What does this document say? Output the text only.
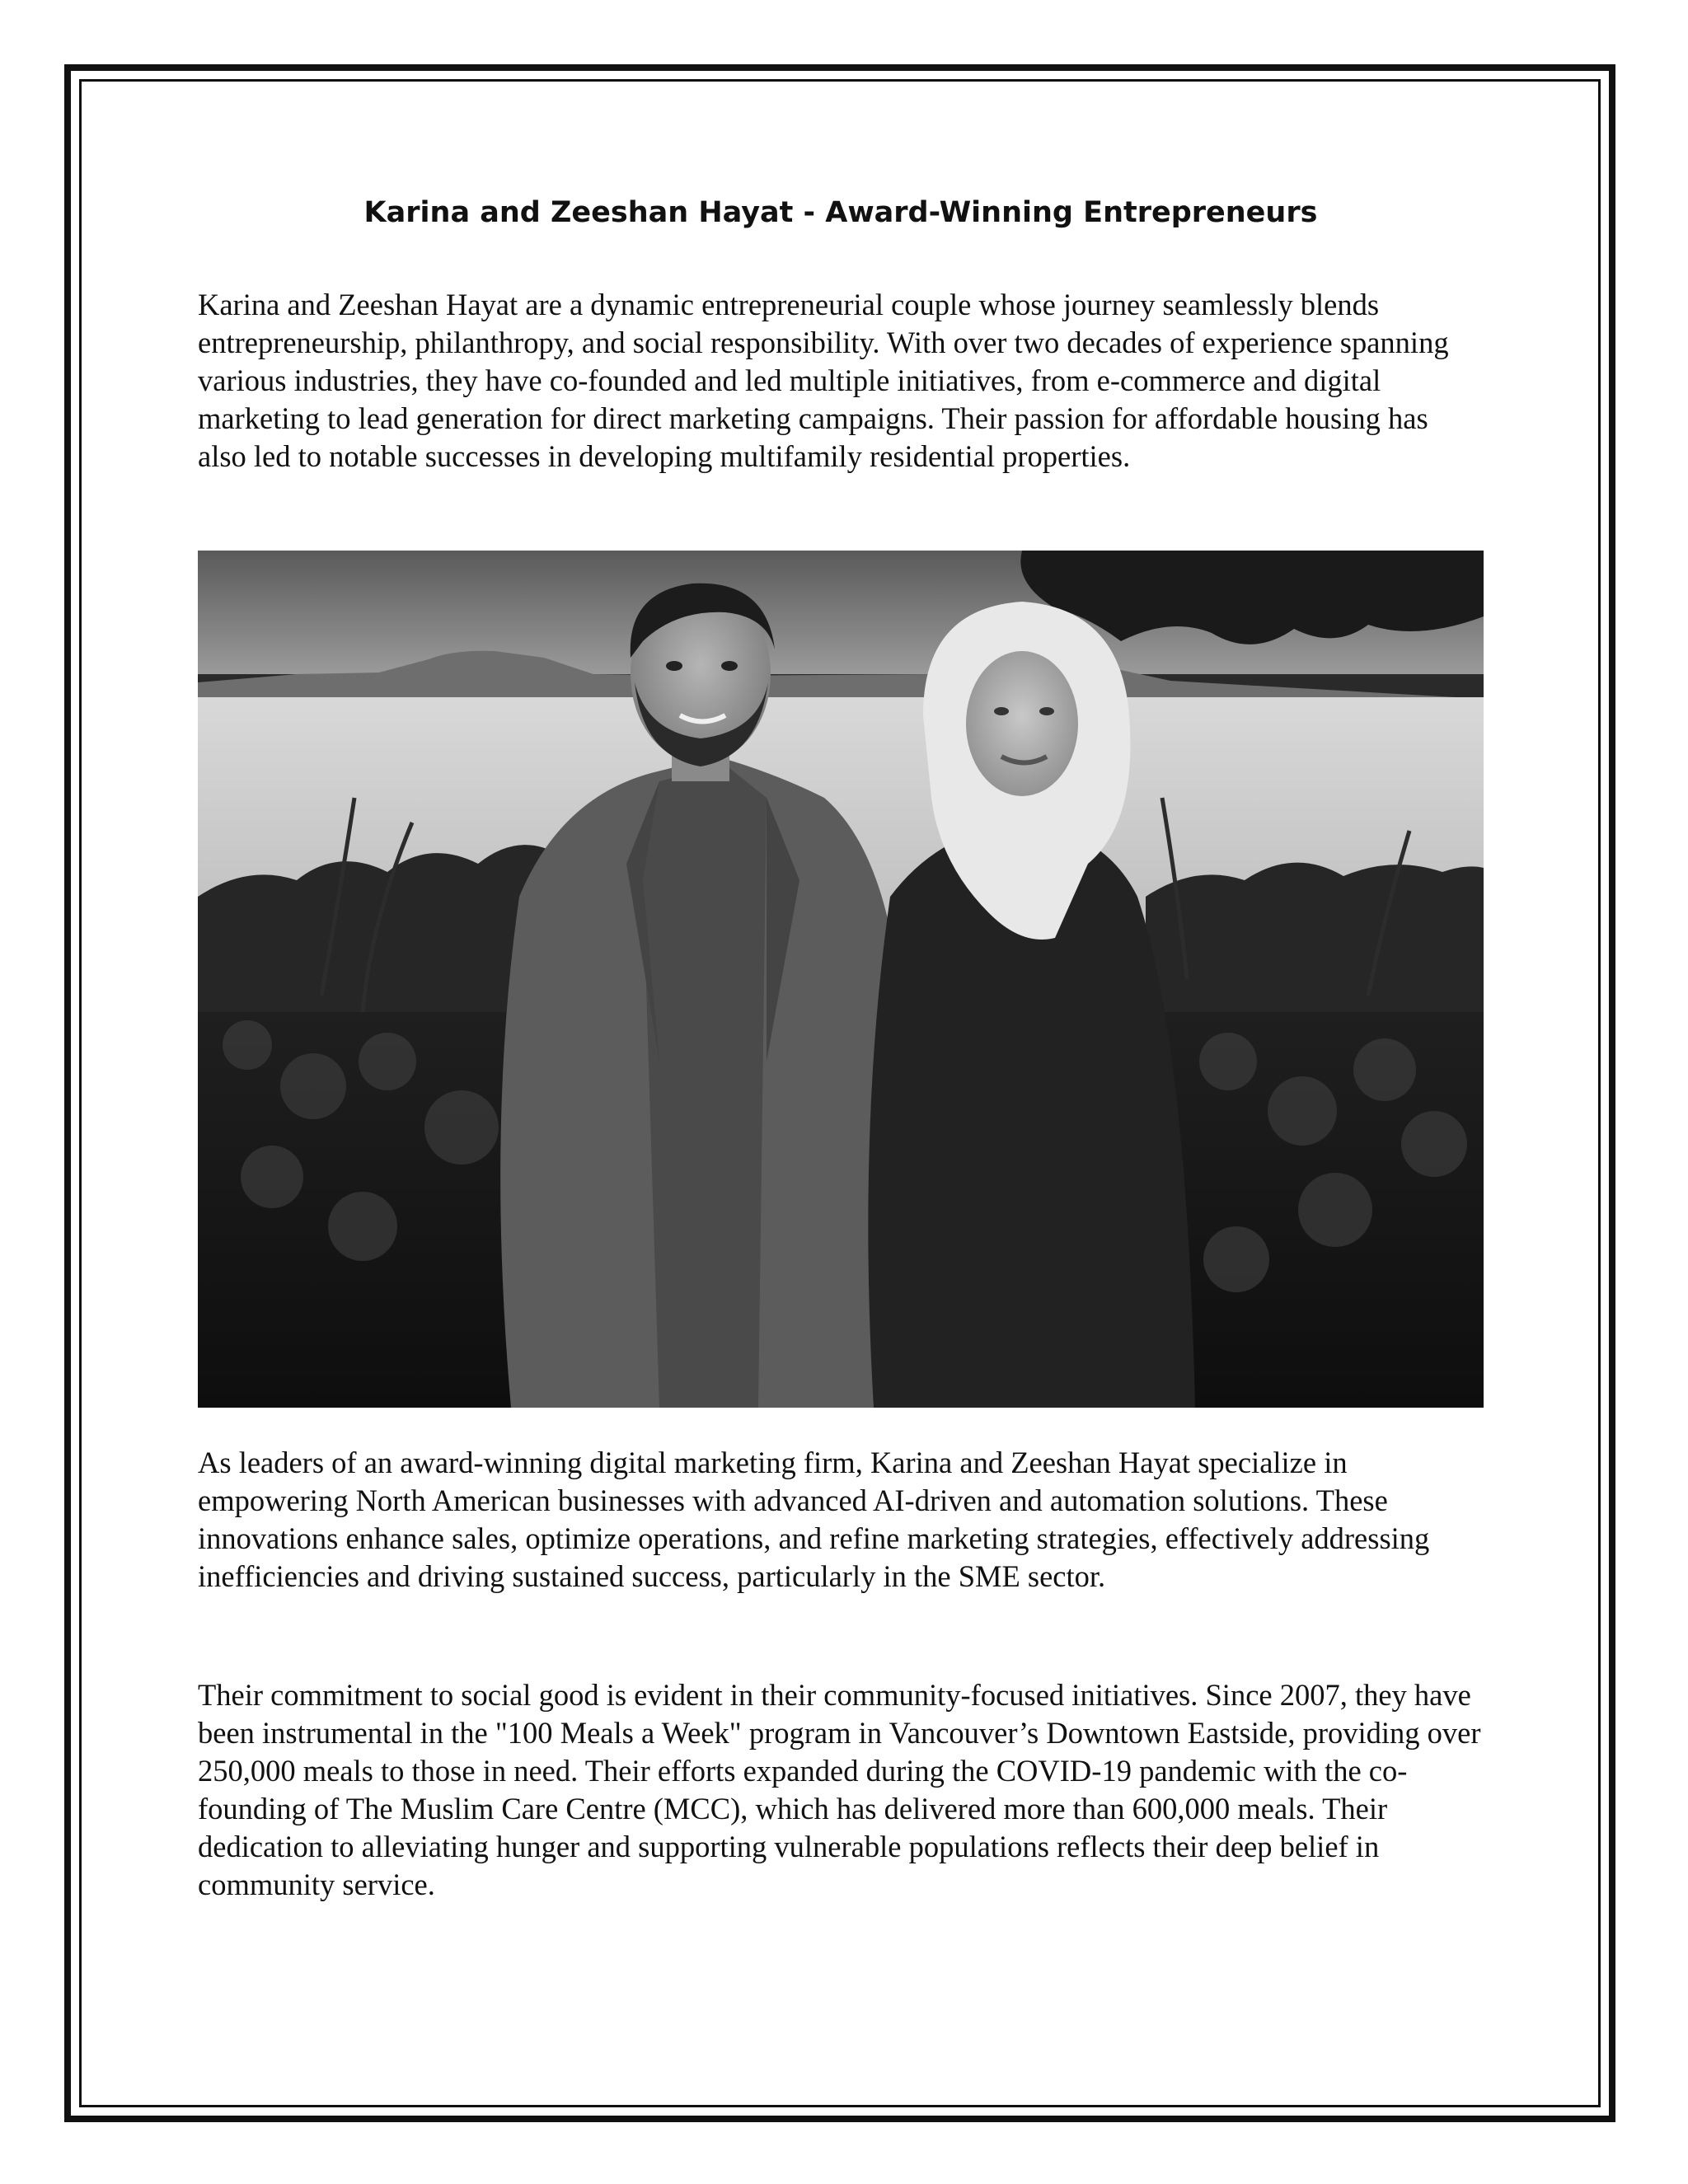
Karina and Zeeshan Hayat - Award-Winning Entrepreneurs

Karina and Zeeshan Hayat are a dynamic entrepreneurial couple whose journey seamlessly blends entrepreneurship, philanthropy, and social responsibility. With over two decades of experience spanning various industries, they have co-founded and led multiple initiatives, from e-commerce and digital marketing to lead generation for direct marketing campaigns. Their passion for affordable housing has also led to notable successes in developing multifamily residential properties.

As leaders of an award-winning digital marketing firm, Karina and Zeeshan Hayat specialize in empowering North American businesses with advanced AI-driven and automation solutions. These innovations enhance sales, optimize operations, and refine marketing strategies, effectively addressing inefficiencies and driving sustained success, particularly in the SME sector.

Their commitment to social good is evident in their community-focused initiatives. Since 2007, they have been instrumental in the "100 Meals a Week" program in Vancouver’s Downtown Eastside, providing over 250,000 meals to those in need. Their efforts expanded during the COVID-19 pandemic with the co-founding of The Muslim Care Centre (MCC), which has delivered more than 600,000 meals. Their dedication to alleviating hunger and supporting vulnerable populations reflects their deep belief in community service.
